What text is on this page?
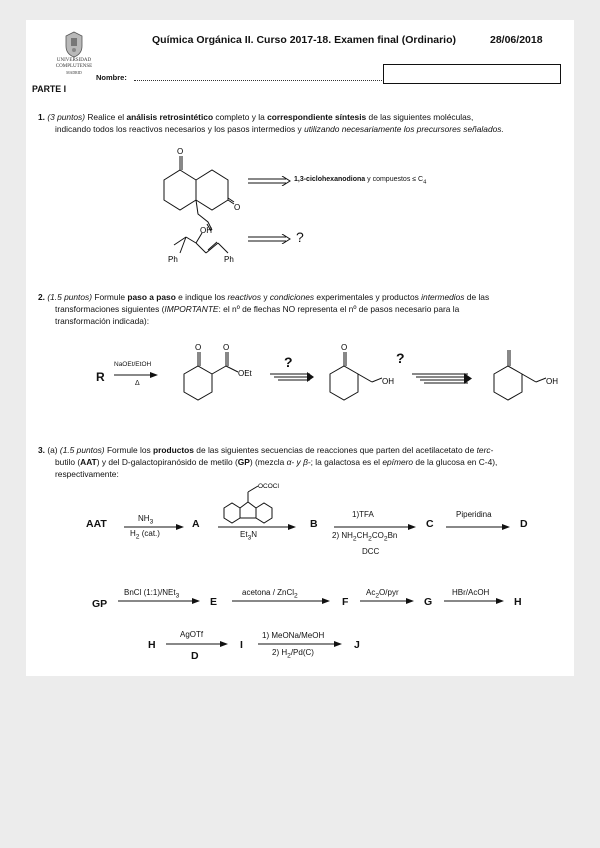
UNIVERSIDAD COMPLUTENSE
MADRID
Química Orgánica II. Curso 2017-18. Examen final (Ordinario)	28/06/2018
Nombre:
PARTE I
1. (3 puntos) Realice el análisis retrosintético completo y la correspondiente síntesis de las siguientes moléculas,
indicando todos los reactivos necesarios y los pasos intermedios y utilizando necesariamente los precursores señalados.
O
O
1,3-ciclohexanodiona y compuestos ≤ $C_4$
OH
Ph	Ph
?
2. (1.5 puntos) Formule paso a paso e indique los reactivos y condiciones experimentales y productos intermedios de las
transformaciones siguientes (IMPORTANTE: el nº de flechas NO representa el nº de pasos necesario para la
transformación indicada):
R
NaOEt/EtOH
Δ
O	O
OEt
?
O
OH
?
OH
3. (a) (1.5 puntos) Formule los productos de las siguientes secuencias de reacciones que parten del acetilacetato de terc-
butilo (AAT) y del D-galactopiranósido de metilo (GP) (mezcla α- y β-; la galactosa es el epímero de la glucosa en C-4),
respectivamente:
AAT	$NH_3$
$H_2$ (cat.)
A
OCOCl
$Et_3N$
B
1)TFA
2) $NH_2CH_2CO_2Bn$
DCC
C
Piperidina
D
GP
BnCl (1:1)/NEt$_3$	E
acetona / ZnCl$_2$	F
$Ac_2O$/pyr
G
HBr/AcOH
H
H
AgOTf
D
I
1) MeONa/MeOH
2) $H_2/Pd(C)$
J
